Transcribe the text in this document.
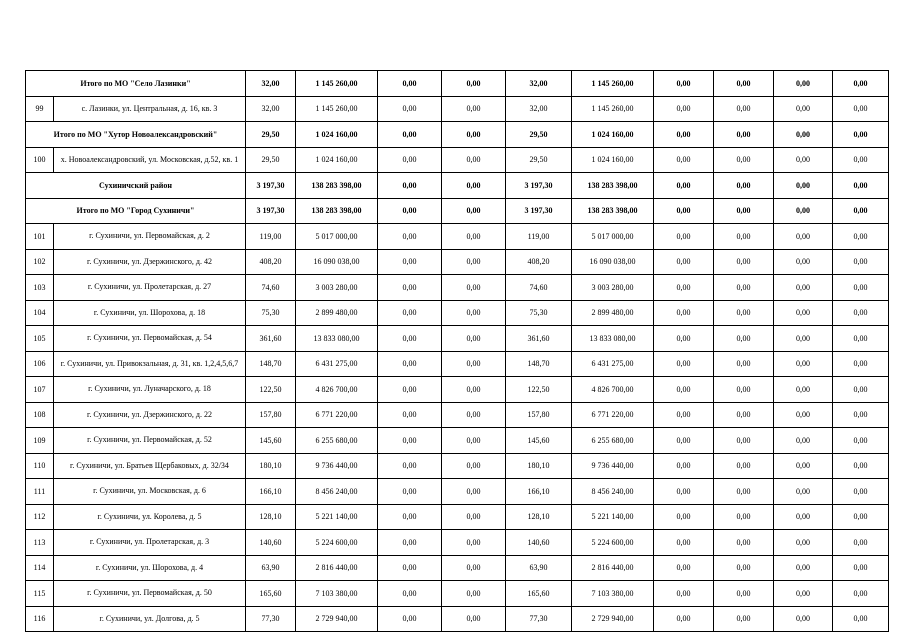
Итого по МО "Село Лазинки"		32,00	1 145 260,00	0,00	0,00	32,00	1 145 260,00	0,00	0,00	0,00	0,00
99	с. Лазинки, ул. Центральная, д. 16, кв. 3	32,00	1 145 260,00	0,00	0,00	32,00	1 145 260,00	0,00	0,00	0,00	0,00
Итого по МО "Хутор Новоалександровский"		29,50	1 024 160,00	0,00	0,00	29,50	1 024 160,00	0,00	0,00	0,00	0,00
100	х. Новоалександровский, ул. Московская, д.52, кв. 1	29,50	1 024 160,00	0,00	0,00	29,50	1 024 160,00	0,00	0,00	0,00	0,00
Сухиничский район		3 197,30	138 283 398,00	0,00	0,00	3 197,30	138 283 398,00	0,00	0,00	0,00	0,00
Итого по МО "Город Сухиничи"		3 197,30	138 283 398,00	0,00	0,00	3 197,30	138 283 398,00	0,00	0,00	0,00	0,00
101	г. Сухиничи, ул. Первомайская, д. 2	119,00	5 017 000,00	0,00	0,00	119,00	5 017 000,00	0,00	0,00	0,00	0,00
102	г. Сухиничи, ул. Дзержинского, д. 42	408,20	16 090 038,00	0,00	0,00	408,20	16 090 038,00	0,00	0,00	0,00	0,00
103	г. Сухиничи, ул. Пролетарская, д. 27	74,60	3 003 280,00	0,00	0,00	74,60	3 003 280,00	0,00	0,00	0,00	0,00
104	г. Сухиничи, ул. Шорохова, д. 18	75,30	2 899 480,00	0,00	0,00	75,30	2 899 480,00	0,00	0,00	0,00	0,00
105	г. Сухиничи, ул. Первомайская, д. 54	361,60	13 833 080,00	0,00	0,00	361,60	13 833 080,00	0,00	0,00	0,00	0,00
106	г. Сухиничи, ул. Привокзальная, д. 31, кв. 1,2,4,5,6,7	148,70	6 431 275,00	0,00	0,00	148,70	6 431 275,00	0,00	0,00	0,00	0,00
107	г. Сухиничи, ул. Луначарского, д. 18	122,50	4 826 700,00	0,00	0,00	122,50	4 826 700,00	0,00	0,00	0,00	0,00
108	г. Сухиничи, ул. Дзержинского, д. 22	157,80	6 771 220,00	0,00	0,00	157,80	6 771 220,00	0,00	0,00	0,00	0,00
109	г. Сухиничи, ул. Первомайская, д. 52	145,60	6 255 680,00	0,00	0,00	145,60	6 255 680,00	0,00	0,00	0,00	0,00
110	г. Сухиничи, ул. Братьев Щербаковых, д. 32/34	180,10	9 736 440,00	0,00	0,00	180,10	9 736 440,00	0,00	0,00	0,00	0,00
111	г. Сухиничи, ул. Московская, д. 6	166,10	8 456 240,00	0,00	0,00	166,10	8 456 240,00	0,00	0,00	0,00	0,00
112	г. Сухиничи, ул. Королева, д. 5	128,10	5 221 140,00	0,00	0,00	128,10	5 221 140,00	0,00	0,00	0,00	0,00
113	г. Сухиничи, ул. Пролетарская, д. 3	140,60	5 224 600,00	0,00	0,00	140,60	5 224 600,00	0,00	0,00	0,00	0,00
114	г. Сухиничи, ул. Шорохова, д. 4	63,90	2 816 440,00	0,00	0,00	63,90	2 816 440,00	0,00	0,00	0,00	0,00
115	г. Сухиничи, ул. Первомайская, д. 50	165,60	7 103 380,00	0,00	0,00	165,60	7 103 380,00	0,00	0,00	0,00	0,00
116	г. Сухиничи, ул. Долгова, д. 5	77,30	2 729 940,00	0,00	0,00	77,30	2 729 940,00	0,00	0,00	0,00	0,00
